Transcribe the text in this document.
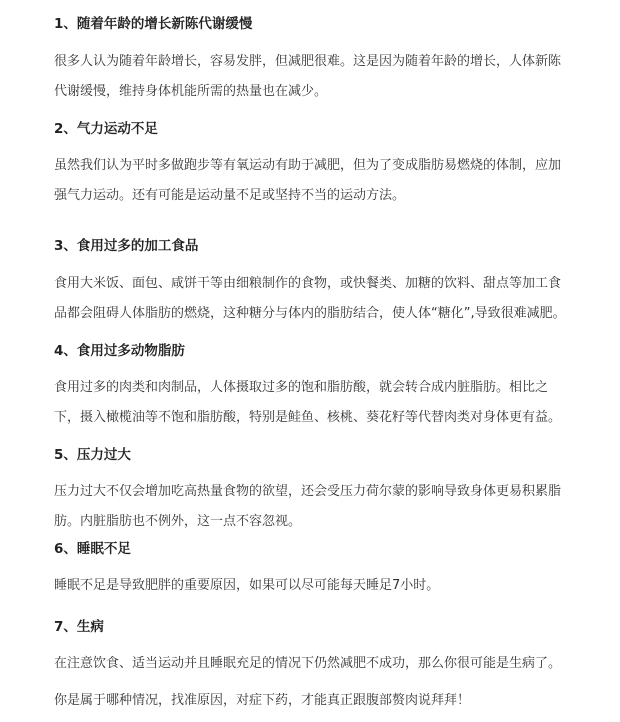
1、随着年龄的增长新陈代谢缓慢

很多人认为随着年龄增长，容易发胖，但减肥很难。这是因为随着年龄的增长，人体新陈
代谢缓慢，维持身体机能所需的热量也在减少。

2、气力运动不足

虽然我们认为平时多做跑步等有氧运动有助于减肥，但为了变成脂肪易燃烧的体制，应加
强气力运动。还有可能是运动量不足或坚持不当的运动方法。

3、食用过多的加工食品

食用大米饭、面包、咸饼干等由细粮制作的食物，或快餐类、加糖的饮料、甜点等加工食
品都会阻碍人体脂肪的燃烧，这种糖分与体内的脂肪结合，使人体“糖化”,导致很难减肥。

4、食用过多动物脂肪

食用过多的肉类和肉制品，人体摄取过多的饱和脂肪酸，就会转合成内脏脂肪。相比之
下，摄入橄榄油等不饱和脂肪酸，特别是鲑鱼、核桃、葵花籽等代替肉类对身体更有益。

5、压力过大

压力过大不仅会增加吃高热量食物的欲望，还会受压力荷尔蒙的影响导致身体更易积累脂
肪。内脏脂肪也不例外，这一点不容忽视。

6、睡眠不足

睡眠不足是导致肥胖的重要原因，如果可以尽可能每天睡足7小时。

7、生病

在注意饮食、适当运动并且睡眠充足的情况下仍然减肥不成功，那么你很可能是生病了。

你是属于哪种情况，找准原因，对症下药，才能真正跟腹部赘肉说拜拜！
